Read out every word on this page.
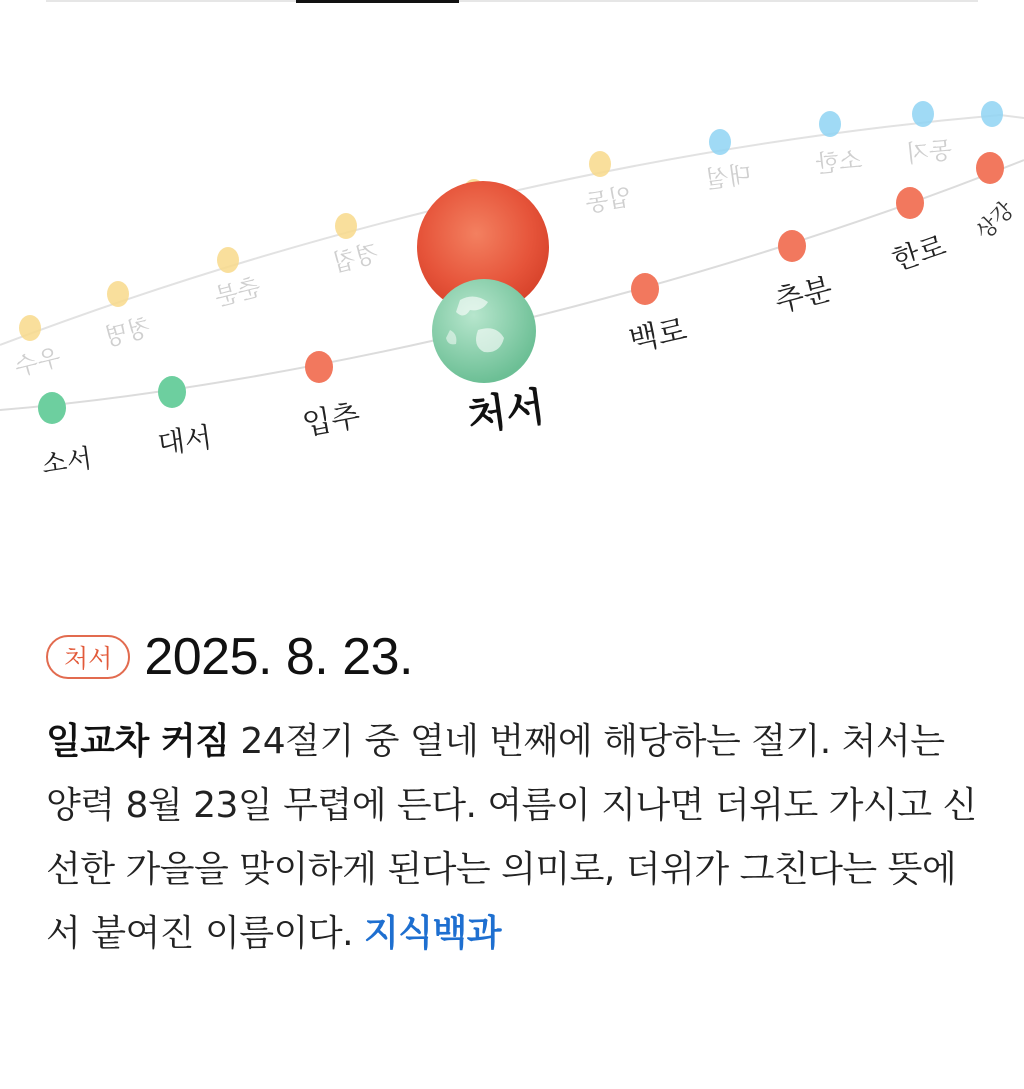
우수
청명
춘분
경칩
입동
대설	소한 동지
소서
대서	입추	처서
백로
추분
한로
상강
처서 2025. 8. 23.
일교차 커짐 24절기 중 열네 번째에 해당하는 절기. 처서는 양력 8월 23일 무렵에 든다. 여름이 지나면 더위도 가시고 신선한 가을을 맞이하게 된다는 의미로, 더위가 그친다는 뜻에서 붙여진 이름이다. 지식백과
